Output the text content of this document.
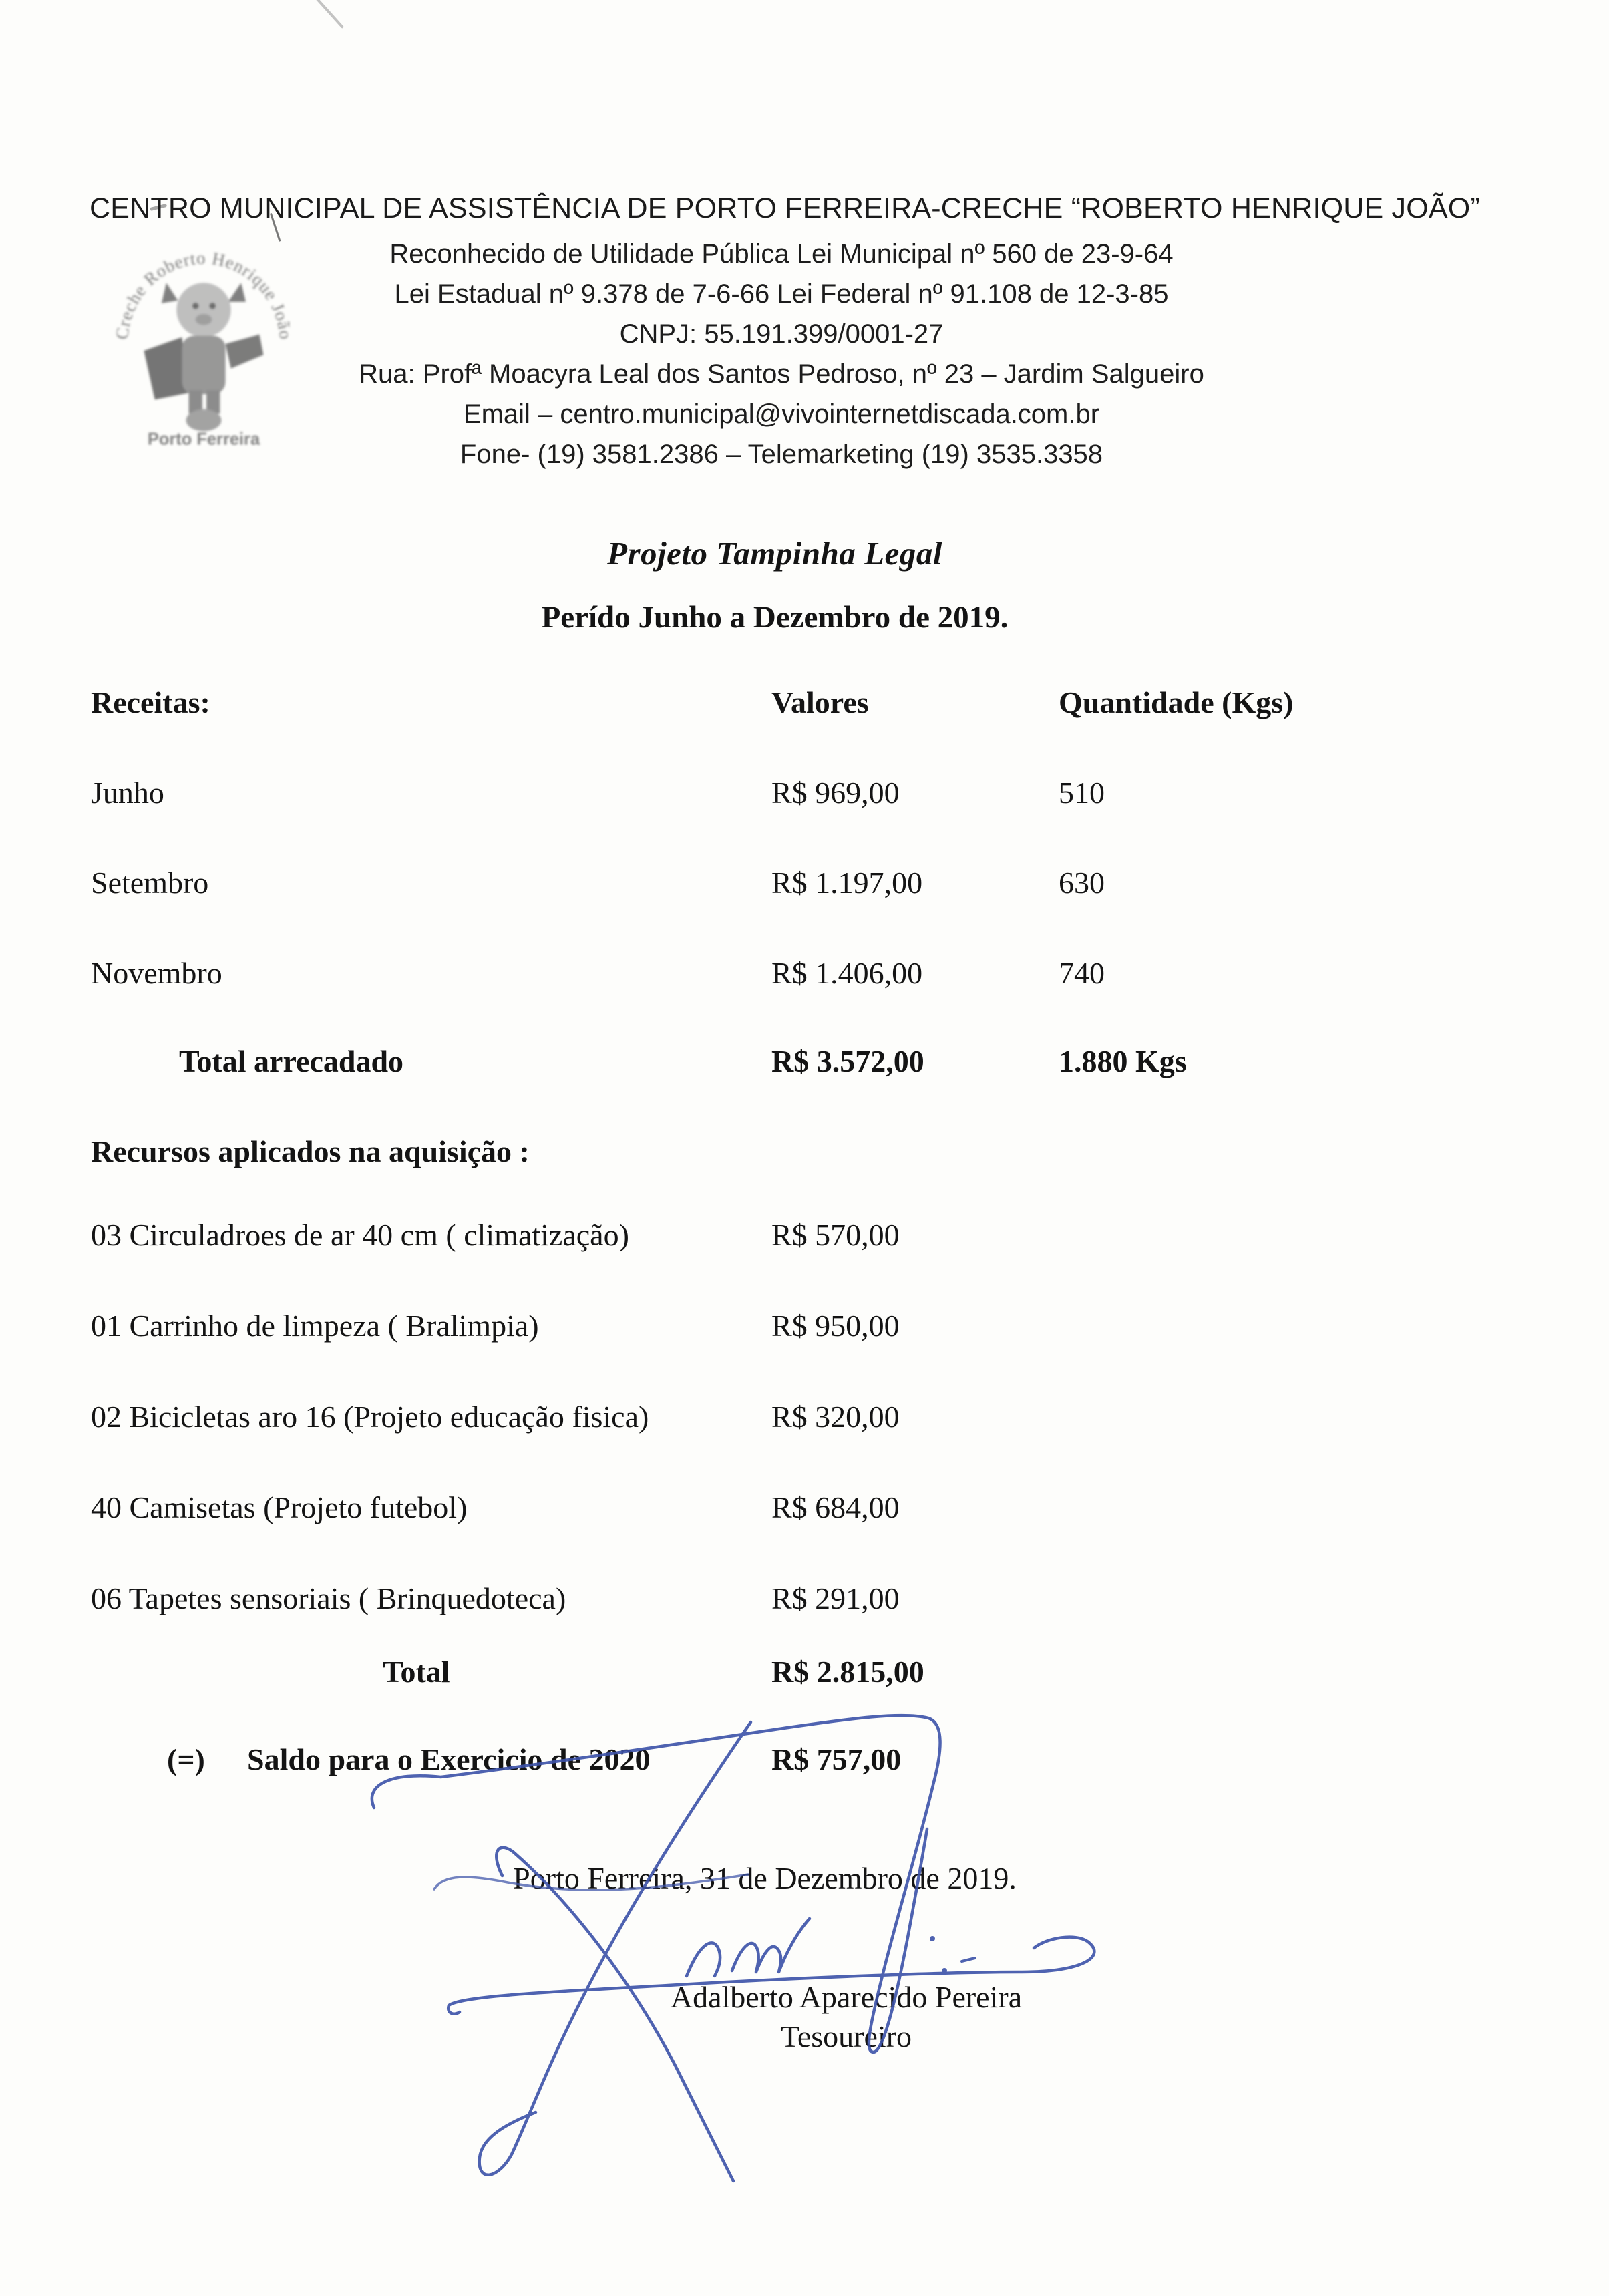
CENTRO MUNICIPAL DE ASSISTÊNCIA DE PORTO FERREIRA-CRECHE “ROBERTO HENRIQUE JOÃO”
Reconhecido de Utilidade Pública Lei Municipal nº 560 de 23-9-64
Lei Estadual nº 9.378 de 7-6-66 Lei Federal nº 91.108 de 12-3-85
CNPJ: 55.191.399/0001-27
Rua: Profª Moacyra Leal dos Santos Pedroso, nº 23 – Jardim Salgueiro
Email – centro.municipal@vivointernetdiscada.com.br
Fone- (19) 3581.2386 – Telemarketing (19) 3535.3358
Creche Roberto Henrique João
Porto Ferreira
Projeto Tampinha Legal
Perído Junho a Dezembro de 2019.
Receitas:	Valores	Quantidade (Kgs)
Junho	R$ 969,00	510
Setembro	R$ 1.197,00	630
Novembro	R$ 1.406,00	740
Total arrecadado	R$ 3.572,00	1.880 Kgs
Recursos aplicados na aquisição :
03 Circuladroes de ar 40 cm ( climatização)	R$ 570,00
01 Carrinho de limpeza ( Bralimpia)	R$ 950,00
02 Bicicletas aro 16 (Projeto educação fisica)	R$ 320,00
40 Camisetas (Projeto futebol)	R$ 684,00
06 Tapetes sensoriais ( Brinquedoteca)	R$ 291,00
Total	R$ 2.815,00
(=) Saldo para o Exercicio de 2020	R$ 757,00
Porto Ferreira, 31 de Dezembro de 2019.
Adalberto Aparecido Pereira
Tesoureiro
